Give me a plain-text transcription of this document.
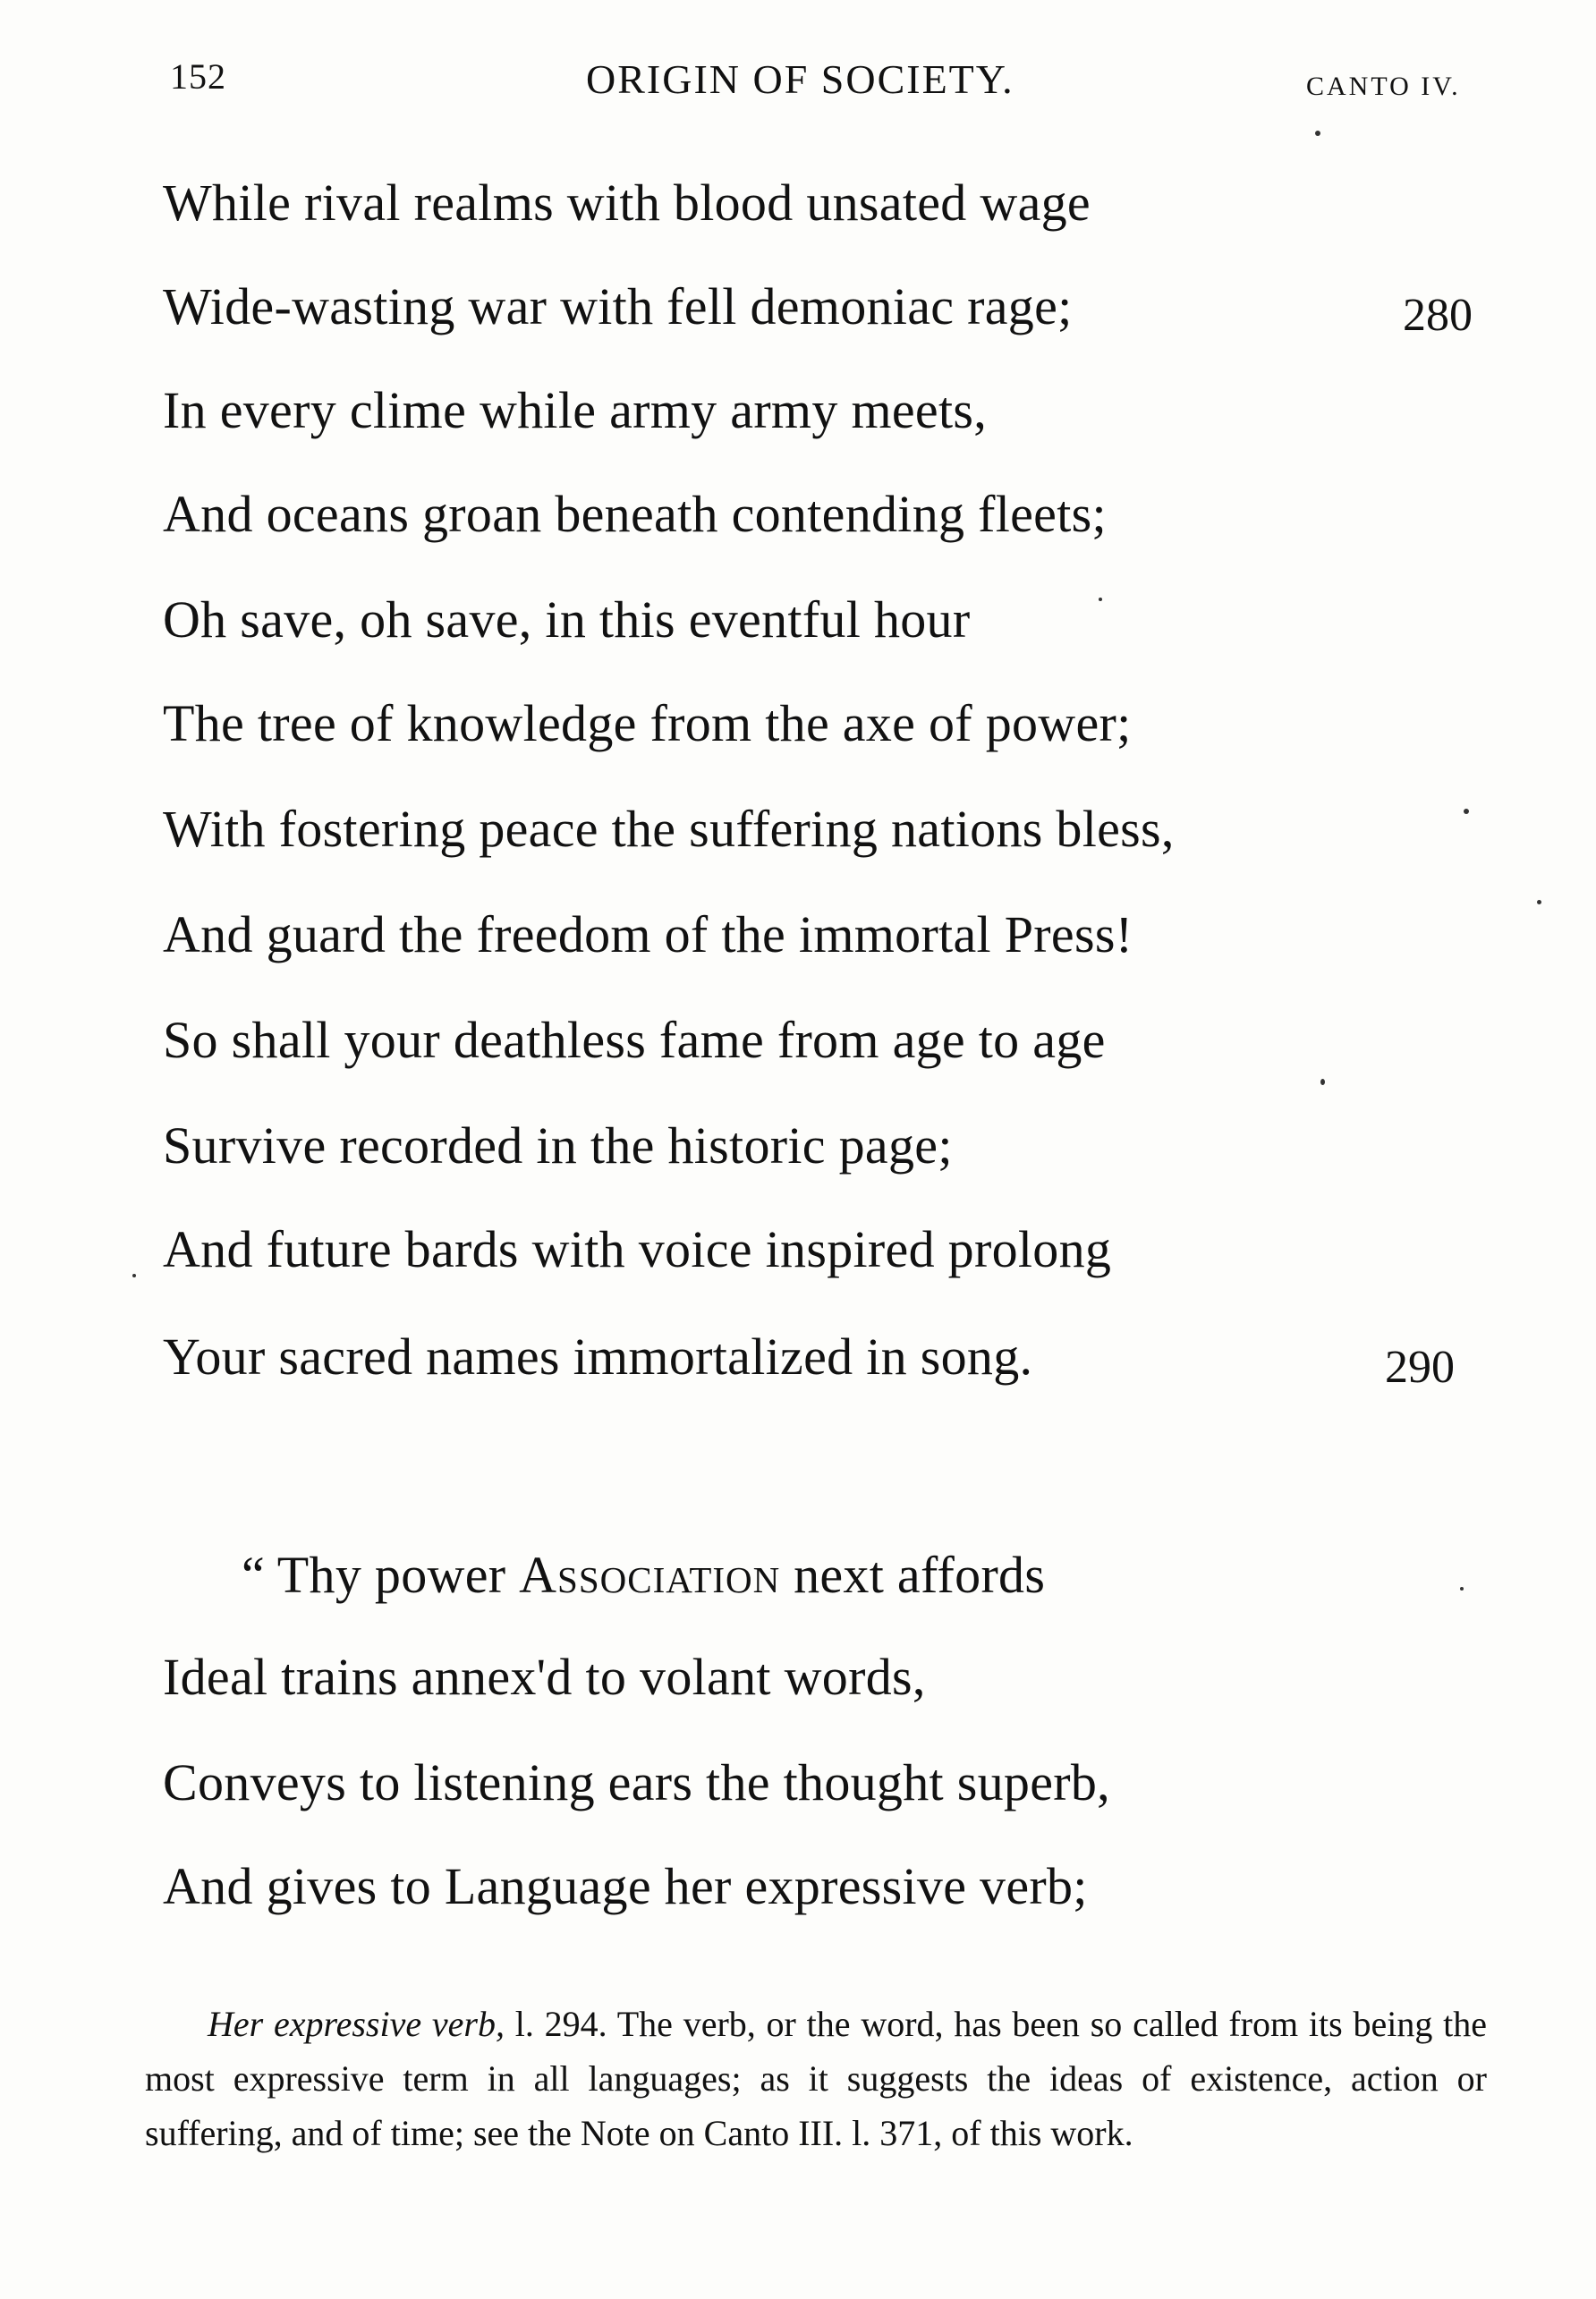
152	ORIGIN OF SOCIETY.	CANTO IV.
While rival realms with blood unsated wage
Wide-wasting war with fell demoniac rage;	280
In every clime while army army meets,
And oceans groan beneath contending fleets;
Oh save, oh save, in this eventful hour
The tree of knowledge from the axe of power;
With fostering peace the suffering nations bless,
And guard the freedom of the immortal Press!
So shall your deathless fame from age to age
Survive recorded in the historic page;
And future bards with voice inspired prolong
Your sacred names immortalized in song.	290
“ Thy power Association next affords
Ideal trains annex'd to volant words,
Conveys to listening ears the thought superb,
And gives to Language her expressive verb;
Her expressive verb, l. 294. The verb, or the word, has been so called from its being the most expressive term in all languages; as it suggests the ideas of existence, action or suffering, and of time; see the Note on Canto III. l. 371, of this work.
